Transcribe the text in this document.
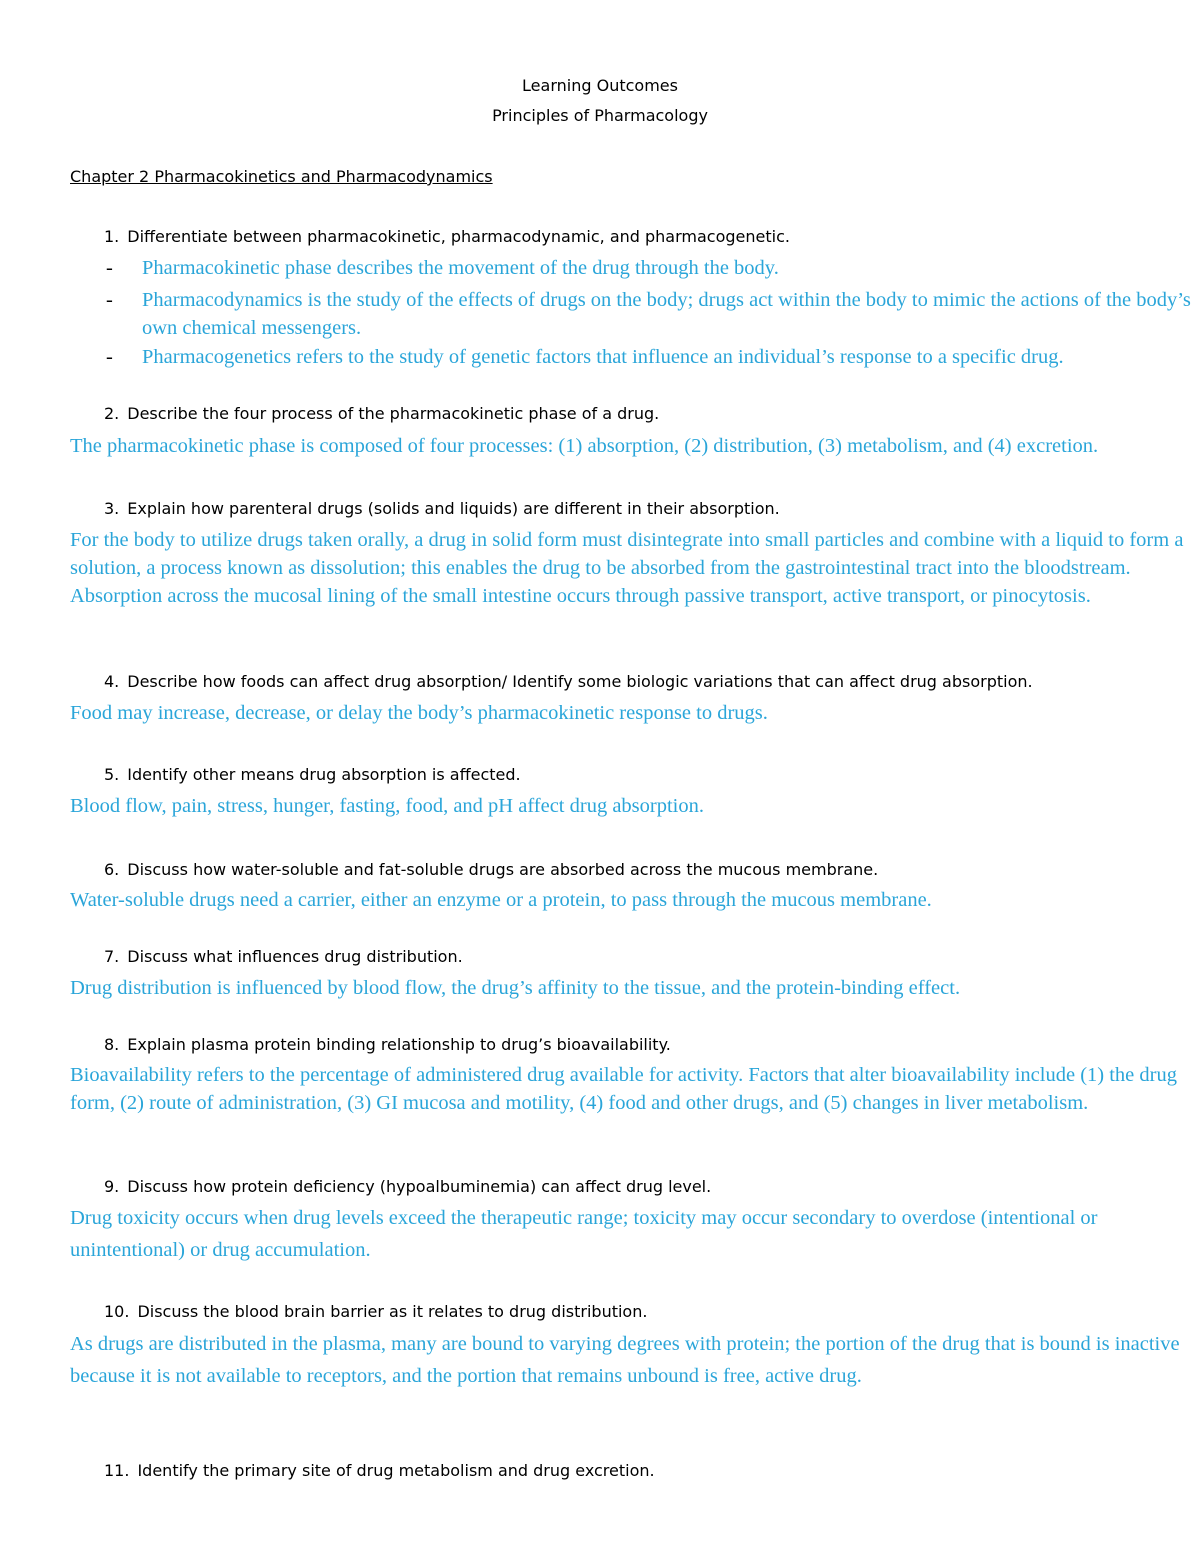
Learning Outcomes
Principles of Pharmacology
Chapter 2 Pharmacokinetics and Pharmacodynamics
1. Differentiate between pharmacokinetic, pharmacodynamic, and pharmacogenetic.
- Pharmacokinetic phase describes the movement of the drug through the body.
- Pharmacodynamics is the study of the effects of drugs on the body; drugs act within the body to mimic the actions of the body’s own chemical messengers.
- Pharmacogenetics refers to the study of genetic factors that influence an individual’s response to a specific drug.
2. Describe the four process of the pharmacokinetic phase of a drug.
The pharmacokinetic phase is composed of four processes: (1) absorption, (2) distribution, (3) metabolism, and (4) excretion.
3. Explain how parenteral drugs (solids and liquids) are different in their absorption.
For the body to utilize drugs taken orally, a drug in solid form must disintegrate into small particles and combine with a liquid to form a solution, a process known as dissolution; this enables the drug to be absorbed from the gastrointestinal tract into the bloodstream. Absorption across the mucosal lining of the small intestine occurs through passive transport, active transport, or pinocytosis.
4. Describe how foods can affect drug absorption/ Identify some biologic variations that can affect drug absorption.
Food may increase, decrease, or delay the body’s pharmacokinetic response to drugs.
5. Identify other means drug absorption is affected.
Blood flow, pain, stress, hunger, fasting, food, and pH affect drug absorption.
6. Discuss how water-soluble and fat-soluble drugs are absorbed across the mucous membrane.
Water-soluble drugs need a carrier, either an enzyme or a protein, to pass through the mucous membrane.
7. Discuss what influences drug distribution.
Drug distribution is influenced by blood flow, the drug’s affinity to the tissue, and the protein-binding effect.
8. Explain plasma protein binding relationship to drug’s bioavailability.
Bioavailability refers to the percentage of administered drug available for activity. Factors that alter bioavailability include (1) the drug form, (2) route of administration, (3) GI mucosa and motility, (4) food and other drugs, and (5) changes in liver metabolism.
9. Discuss how protein deficiency (hypoalbuminemia) can affect drug level.
Drug toxicity occurs when drug levels exceed the therapeutic range; toxicity may occur secondary to overdose (intentional or unintentional) or drug accumulation.
10. Discuss the blood brain barrier as it relates to drug distribution.
As drugs are distributed in the plasma, many are bound to varying degrees with protein; the portion of the drug that is bound is inactive because it is not available to receptors, and the portion that remains unbound is free, active drug.
11. Identify the primary site of drug metabolism and drug excretion.
